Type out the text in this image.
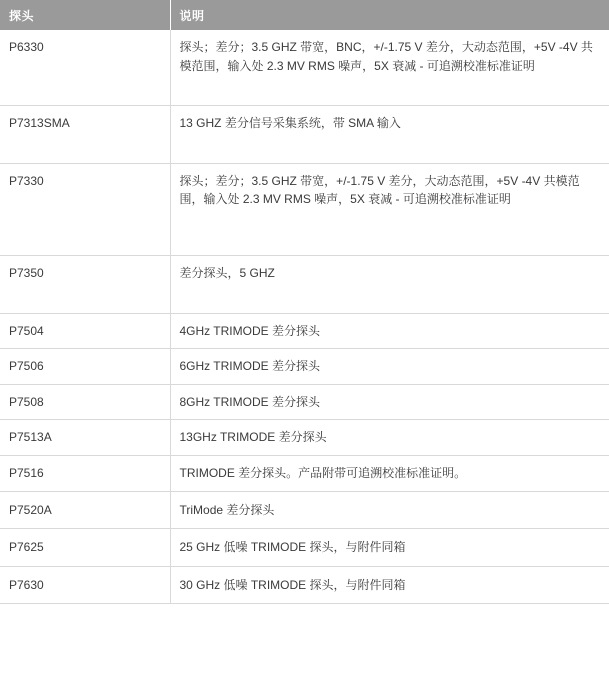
探头	说明
P6330	探头；差分；3.5 GHZ 带宽，BNC，+/-1.75 V 差分，大动态范围，+5V -4V 共模范围，输入处 2.3 MV RMS 噪声，5X 衰减 - 可追溯校准标准证明
P7313SMA	13 GHZ 差分信号采集系统，带 SMA 输入
P7330	探头；差分；3.5 GHZ 带宽，+/-1.75 V 差分，大动态范围，+5V -4V 共模范围，输入处 2.3 MV RMS 噪声，5X 衰减 - 可追溯校准标准证明
P7350	差分探头，5 GHZ
P7504	4GHz TRIMODE 差分探头
P7506	6GHz TRIMODE 差分探头
P7508	8GHz TRIMODE 差分探头
P7513A	13GHz TRIMODE 差分探头
P7516	TRIMODE 差分探头。产品附带可追溯校准标准证明。
P7520A	TriMode 差分探头
P7625	25 GHz 低噪 TRIMODE 探头，与附件同箱
P7630	30 GHz 低噪 TRIMODE 探头，与附件同箱
